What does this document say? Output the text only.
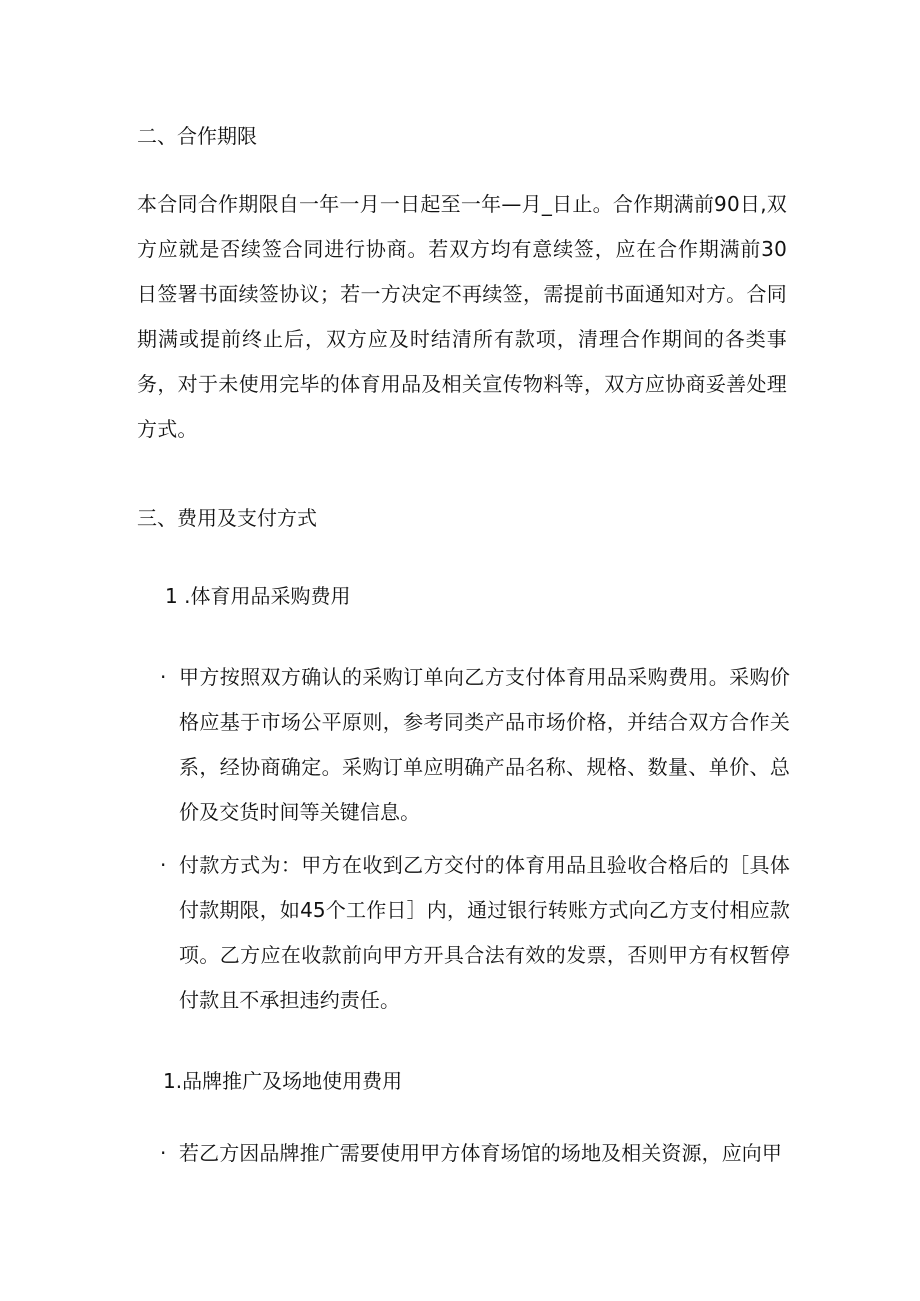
二、合作期限
本合同合作期限自一年一月一日起至一年—月_日止。合作期满前90日,双方应就是否续签合同进行协商。若双方均有意续签，应在合作期满前30日签署书面续签协议；若一方决定不再续签，需提前书面通知对方。合同期满或提前终止后，双方应及时结清所有款项，清理合作期间的各类事务，对于未使用完毕的体育用品及相关宣传物料等，双方应协商妥善处理方式。
三、费用及支付方式
1 .体育用品采购费用
· 甲方按照双方确认的采购订单向乙方支付体育用品采购费用。采购价格应基于市场公平原则，参考同类产品市场价格，并结合双方合作关系，经协商确定。采购订单应明确产品名称、规格、数量、单价、总价及交货时间等关键信息。
· 付款方式为：甲方在收到乙方交付的体育用品且验收合格后的［具体付款期限，如45个工作日］内，通过银行转账方式向乙方支付相应款项。乙方应在收款前向甲方开具合法有效的发票，否则甲方有权暂停付款且不承担违约责任。
1.品牌推广及场地使用费用
· 若乙方因品牌推广需要使用甲方体育场馆的场地及相关资源，应向甲
